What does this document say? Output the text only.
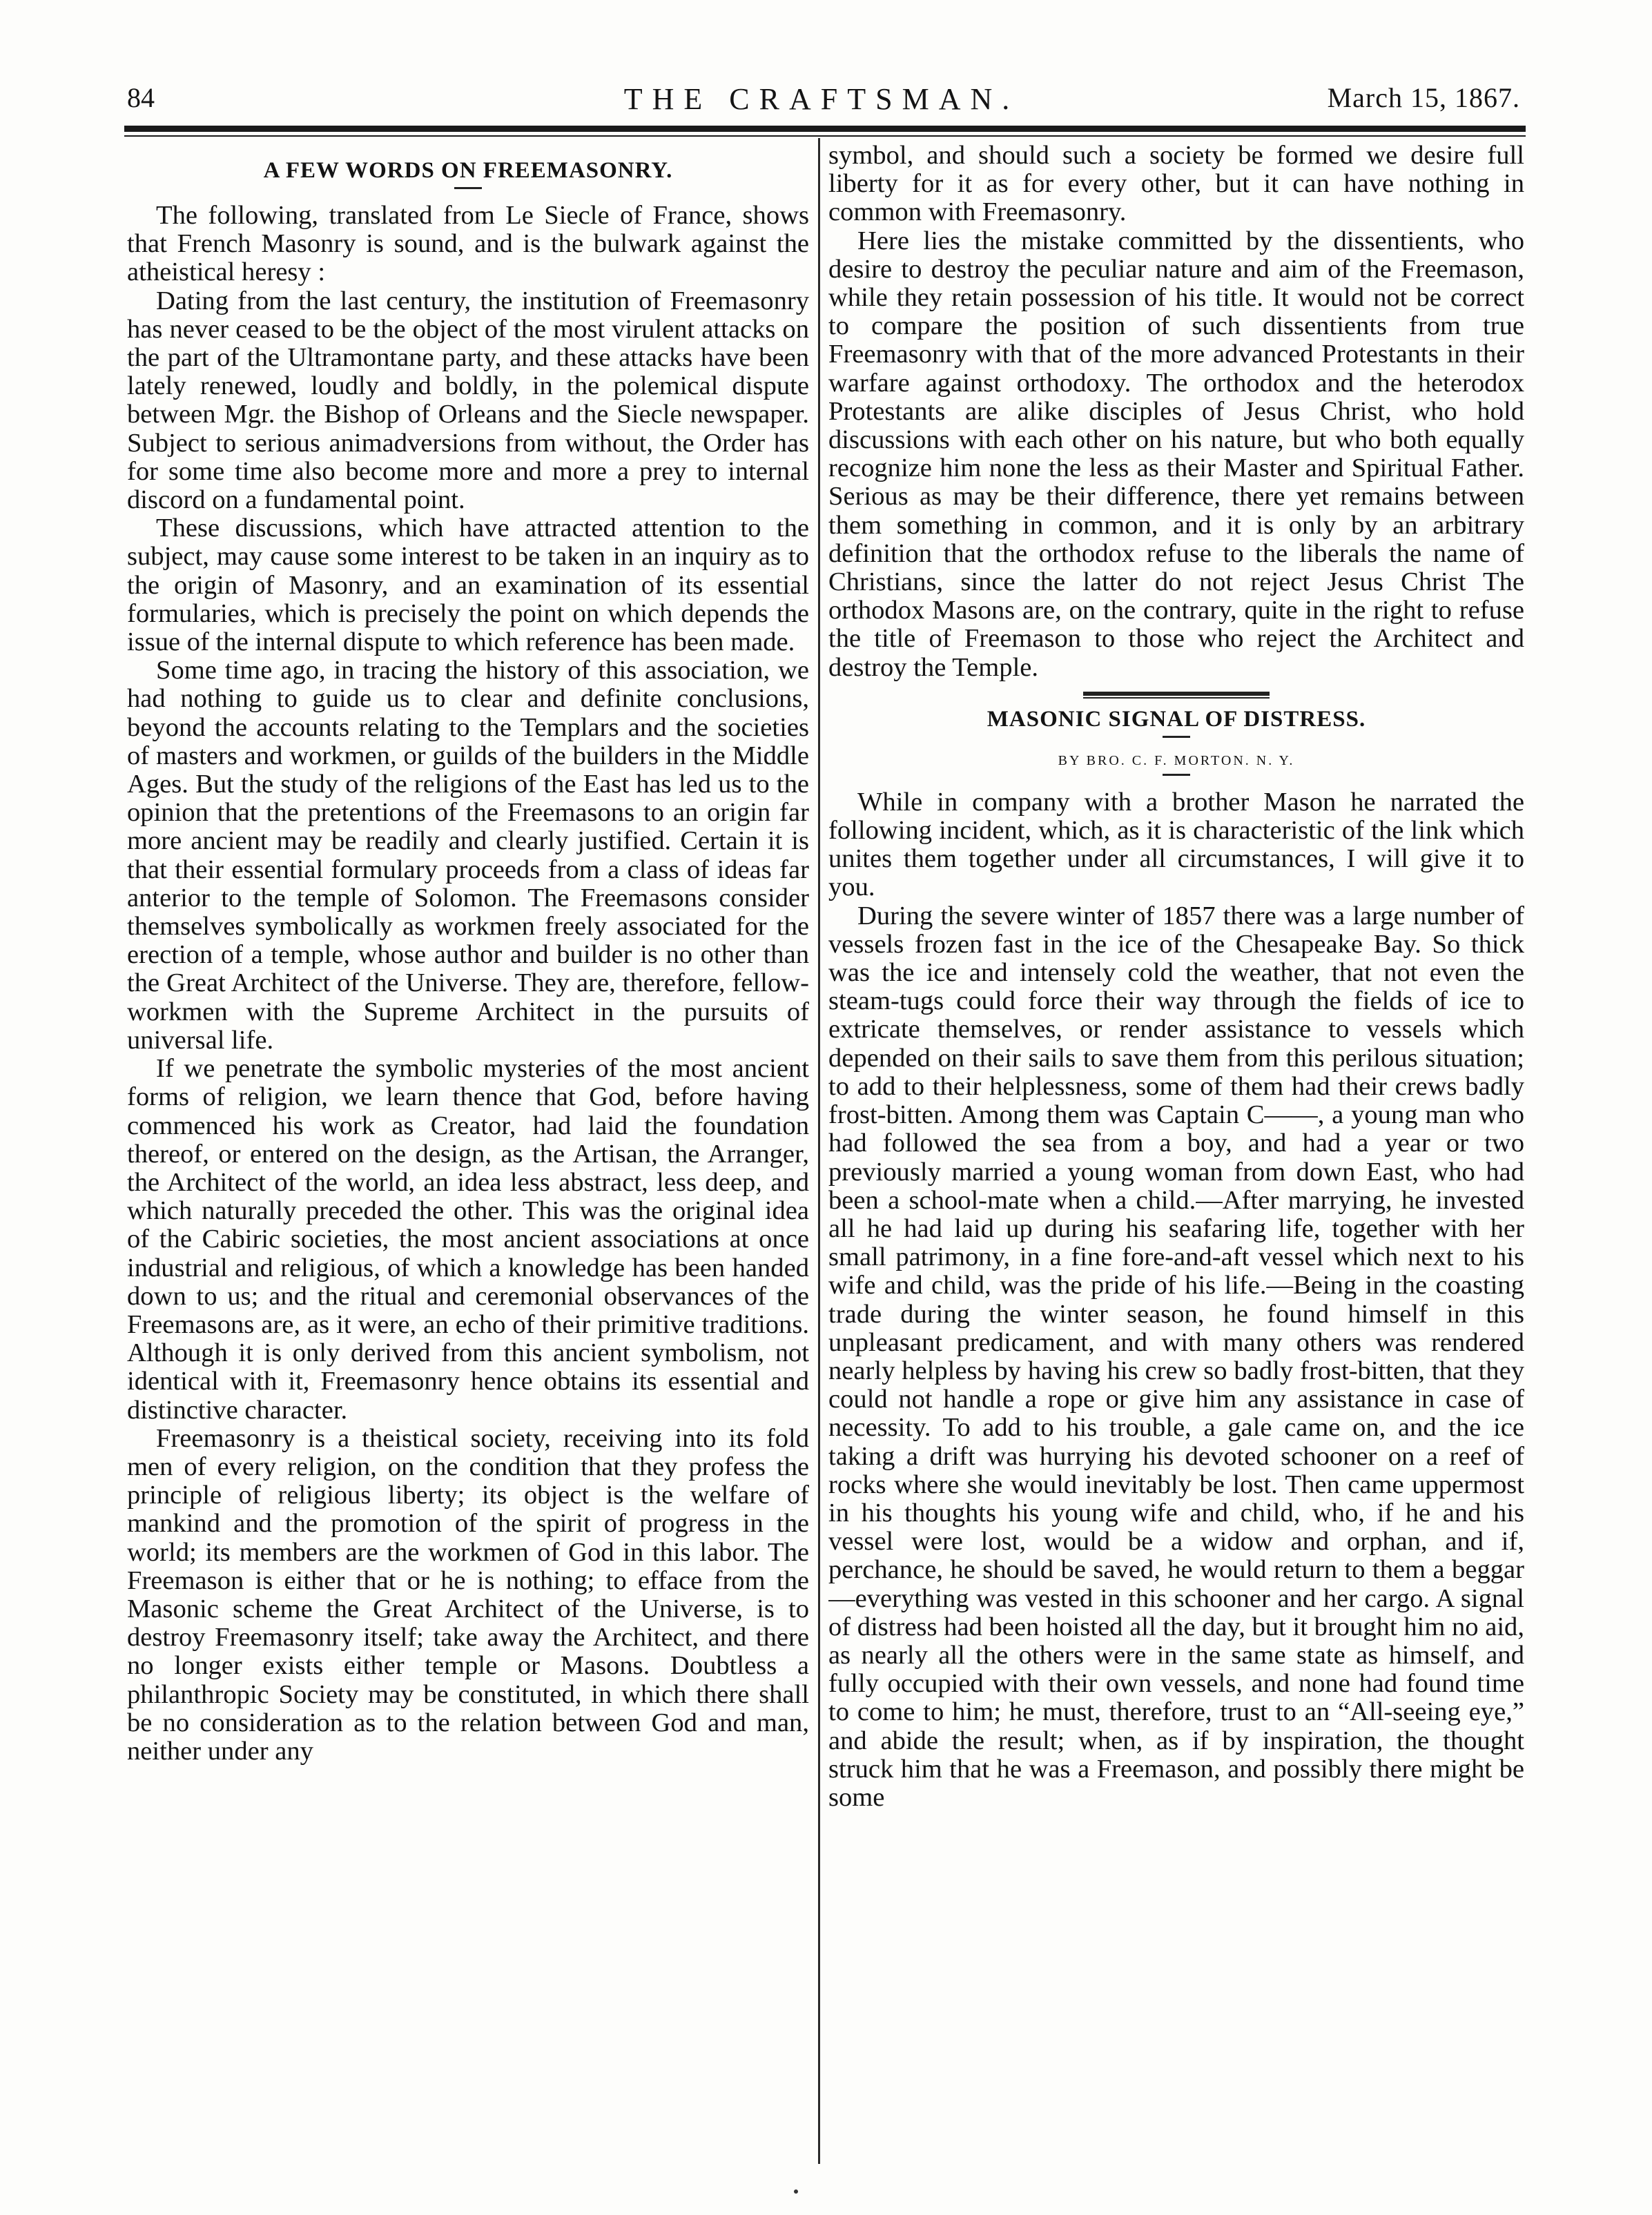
84	THE CRAFTSMAN.	March 15, 1867.
A FEW WORDS ON FREEMASONRY.

The following, translated from Le Siecle of France, shows that French Masonry is sound, and is the bulwark against the atheistical heresy :

Dating from the last century, the institution of Freemasonry has never ceased to be the object of the most virulent attacks on the part of the Ultramontane party, and these attacks have been lately renewed, loudly and boldly, in the polemical dispute between Mgr. the Bishop of Orleans and the Siecle newspaper. Subject to serious animadversions from without, the Order has for some time also become more and more a prey to internal discord on a fundamental point.

These discussions, which have attracted attention to the subject, may cause some interest to be taken in an inquiry as to the origin of Masonry, and an examination of its essential formularies, which is precisely the point on which depends the issue of the internal dispute to which reference has been made.

Some time ago, in tracing the history of this association, we had nothing to guide us to clear and definite conclusions, beyond the accounts relating to the Templars and the societies of masters and workmen, or guilds of the builders in the Middle Ages. But the study of the religions of the East has led us to the opinion that the pretentions of the Freemasons to an origin far more ancient may be readily and clearly justified. Certain it is that their essential formulary proceeds from a class of ideas far anterior to the temple of Solomon. The Freemasons consider themselves symbolically as workmen freely associated for the erection of a temple, whose author and builder is no other than the Great Architect of the Universe. They are, therefore, fellow-workmen with the Supreme Architect in the pursuits of universal life.

If we penetrate the symbolic mysteries of the most ancient forms of religion, we learn thence that God, before having commenced his work as Creator, had laid the foundation thereof, or entered on the design, as the Artisan, the Arranger, the Architect of the world, an idea less abstract, less deep, and which naturally preceded the other. This was the original idea of the Cabiric societies, the most ancient associations at once industrial and religious, of which a knowledge has been handed down to us; and the ritual and ceremonial observances of the Freemasons are, as it were, an echo of their primitive traditions. Although it is only derived from this ancient symbolism, not identical with it, Freemasonry hence obtains its essential and distinctive character.

Freemasonry is a theistical society, receiving into its fold men of every religion, on the condition that they profess the principle of religious liberty; its object is the welfare of mankind and the promotion of the spirit of progress in the world; its members are the workmen of God in this labor. The Freemason is either that or he is nothing; to efface from the Masonic scheme the Great Architect of the Universe, is to destroy Freemasonry itself; take away the Architect, and there no longer exists either temple or Masons. Doubtless a philanthropic Society may be constituted, in which there shall be no consideration as to the relation between God and man, neither under any

symbol, and should such a society be formed we desire full liberty for it as for every other, but it can have nothing in common with Freemasonry.

Here lies the mistake committed by the dissentients, who desire to destroy the peculiar nature and aim of the Freemason, while they retain possession of his title. It would not be correct to compare the position of such dissentients from true Freemasonry with that of the more advanced Protestants in their warfare against orthodoxy. The orthodox and the heterodox Protestants are alike disciples of Jesus Christ, who hold discussions with each other on his nature, but who both equally recognize him none the less as their Master and Spiritual Father. Serious as may be their difference, there yet remains between them something in common, and it is only by an arbitrary definition that the orthodox refuse to the liberals the name of Christians, since the latter do not reject Jesus Christ The orthodox Masons are, on the contrary, quite in the right to refuse the title of Freemason to those who reject the Architect and destroy the Temple.

MASONIC SIGNAL OF DISTRESS.
BY BRO. C. F. MORTON. N. Y.

While in company with a brother Mason he narrated the following incident, which, as it is characteristic of the link which unites them together under all circumstances, I will give it to you.

During the severe winter of 1857 there was a large number of vessels frozen fast in the ice of the Chesapeake Bay. So thick was the ice and intensely cold the weather, that not even the steam-tugs could force their way through the fields of ice to extricate themselves, or render assistance to vessels which depended on their sails to save them from this perilous situation; to add to their helplessness, some of them had their crews badly frost-bitten. Among them was Captain C——, a young man who had followed the sea from a boy, and had a year or two previously married a young woman from down East, who had been a school-mate when a child.—After marrying, he invested all he had laid up during his seafaring life, together with her small patrimony, in a fine fore-and-aft vessel which next to his wife and child, was the pride of his life.—Being in the coasting trade during the winter season, he found himself in this unpleasant predicament, and with many others was rendered nearly helpless by having his crew so badly frost-bitten, that they could not handle a rope or give him any assistance in case of necessity. To add to his trouble, a gale came on, and the ice taking a drift was hurrying his devoted schooner on a reef of rocks where she would inevitably be lost. Then came uppermost in his thoughts his young wife and child, who, if he and his vessel were lost, would be a widow and orphan, and if, perchance, he should be saved, he would return to them a beggar—everything was vested in this schooner and her cargo. A signal of distress had been hoisted all the day, but it brought him no aid, as nearly all the others were in the same state as himself, and fully occupied with their own vessels, and none had found time to come to him; he must, therefore, trust to an “All-seeing eye,” and abide the result; when, as if by inspiration, the thought struck him that he was a Freemason, and possibly there might be some
